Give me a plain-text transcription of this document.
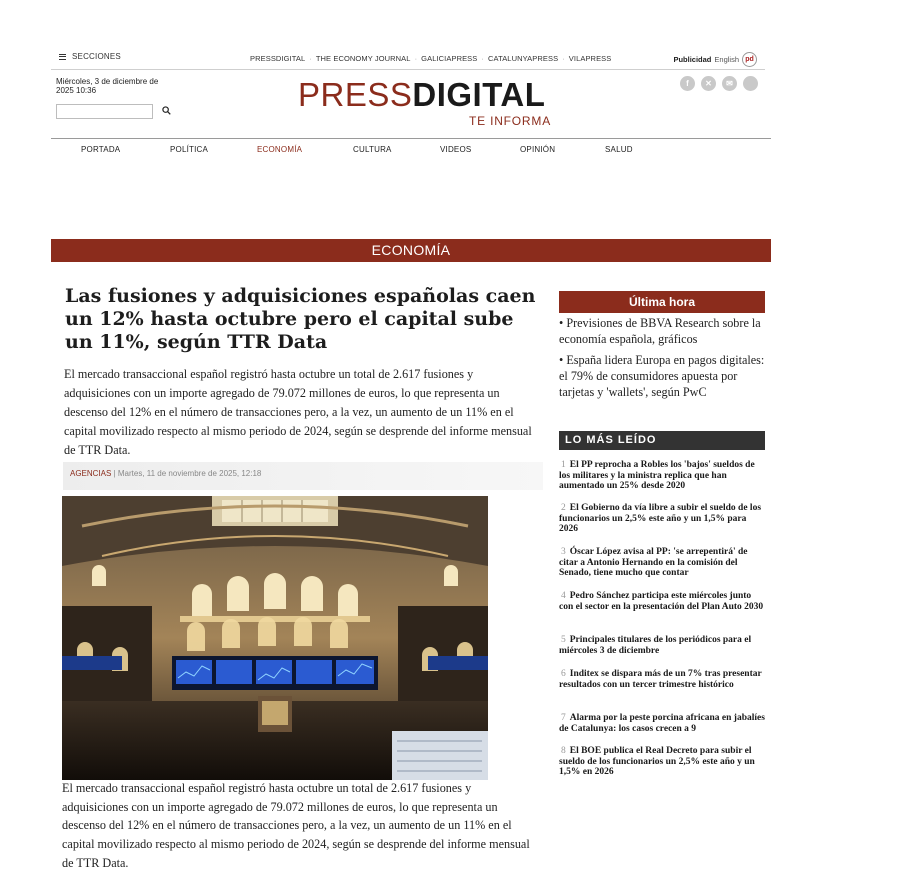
SECCIONES	PRESSDIGITAL · THE ECONOMY JOURNAL · GALICIAPRESS · CATALUNYAPRESS · VILAPRESS	Publicidad English pd
Miércoles, 3 de diciembre de
2025 10:36	PRESSDIGITAL
TE INFORMA
f	✕	✉
PORTADA	POLÍTICA	ECONOMÍA	CULTURA	VIDEOS	OPINIÓN	SALUD
ECONOMÍA
Las fusiones y adquisiciones españolas caen un 12% hasta octubre pero el capital sube un 11%, según TTR Data

El mercado transaccional español registró hasta octubre un total de 2.617 fusiones y adquisiciones con un importe agregado de 79.072 millones de euros, lo que representa un descenso del 12% en el número de transacciones pero, a la vez, un aumento de un 11% en el capital movilizado respecto al mismo periodo de 2024, según se desprende del informe mensual de TTR Data.

AGENCIAS | Martes, 11 de noviembre de 2025, 12:18

El mercado transaccional español registró hasta octubre un total de 2.617 fusiones y adquisiciones con un importe agregado de 79.072 millones de euros, lo que representa un descenso del 12% en el número de transacciones pero, a la vez, un aumento de un 11% en el capital movilizado respecto al mismo periodo de 2024, según se desprende del informe mensual de TTR Data.

Última hora
• Previsiones de BBVA Research sobre la economía española, gráficos
• España lidera Europa en pagos digitales: el 79% de consumidores apuesta por tarjetas y 'wallets', según PwC
LO MÁS LEÍDO
1 El PP reprocha a Robles los 'bajos' sueldos de los militares y la ministra replica que han aumentado un 25% desde 2020
2 El Gobierno da vía libre a subir el sueldo de los funcionarios un 2,5% este año y un 1,5% para 2026
3 Óscar López avisa al PP: 'se arrepentirá' de citar a Antonio Hernando en la comisión del Senado, tiene mucho que contar
4 Pedro Sánchez participa este miércoles junto con el sector en la presentación del Plan Auto 2030
5 Principales titulares de los periódicos para el miércoles 3 de diciembre
6 Inditex se dispara más de un 7% tras presentar resultados con un tercer trimestre histórico
7 Alarma por la peste porcina africana en jabalíes de Catalunya: los casos crecen a 9
8 El BOE publica el Real Decreto para subir el sueldo de los funcionarios un 2,5% este año y un 1,5% en 2026
